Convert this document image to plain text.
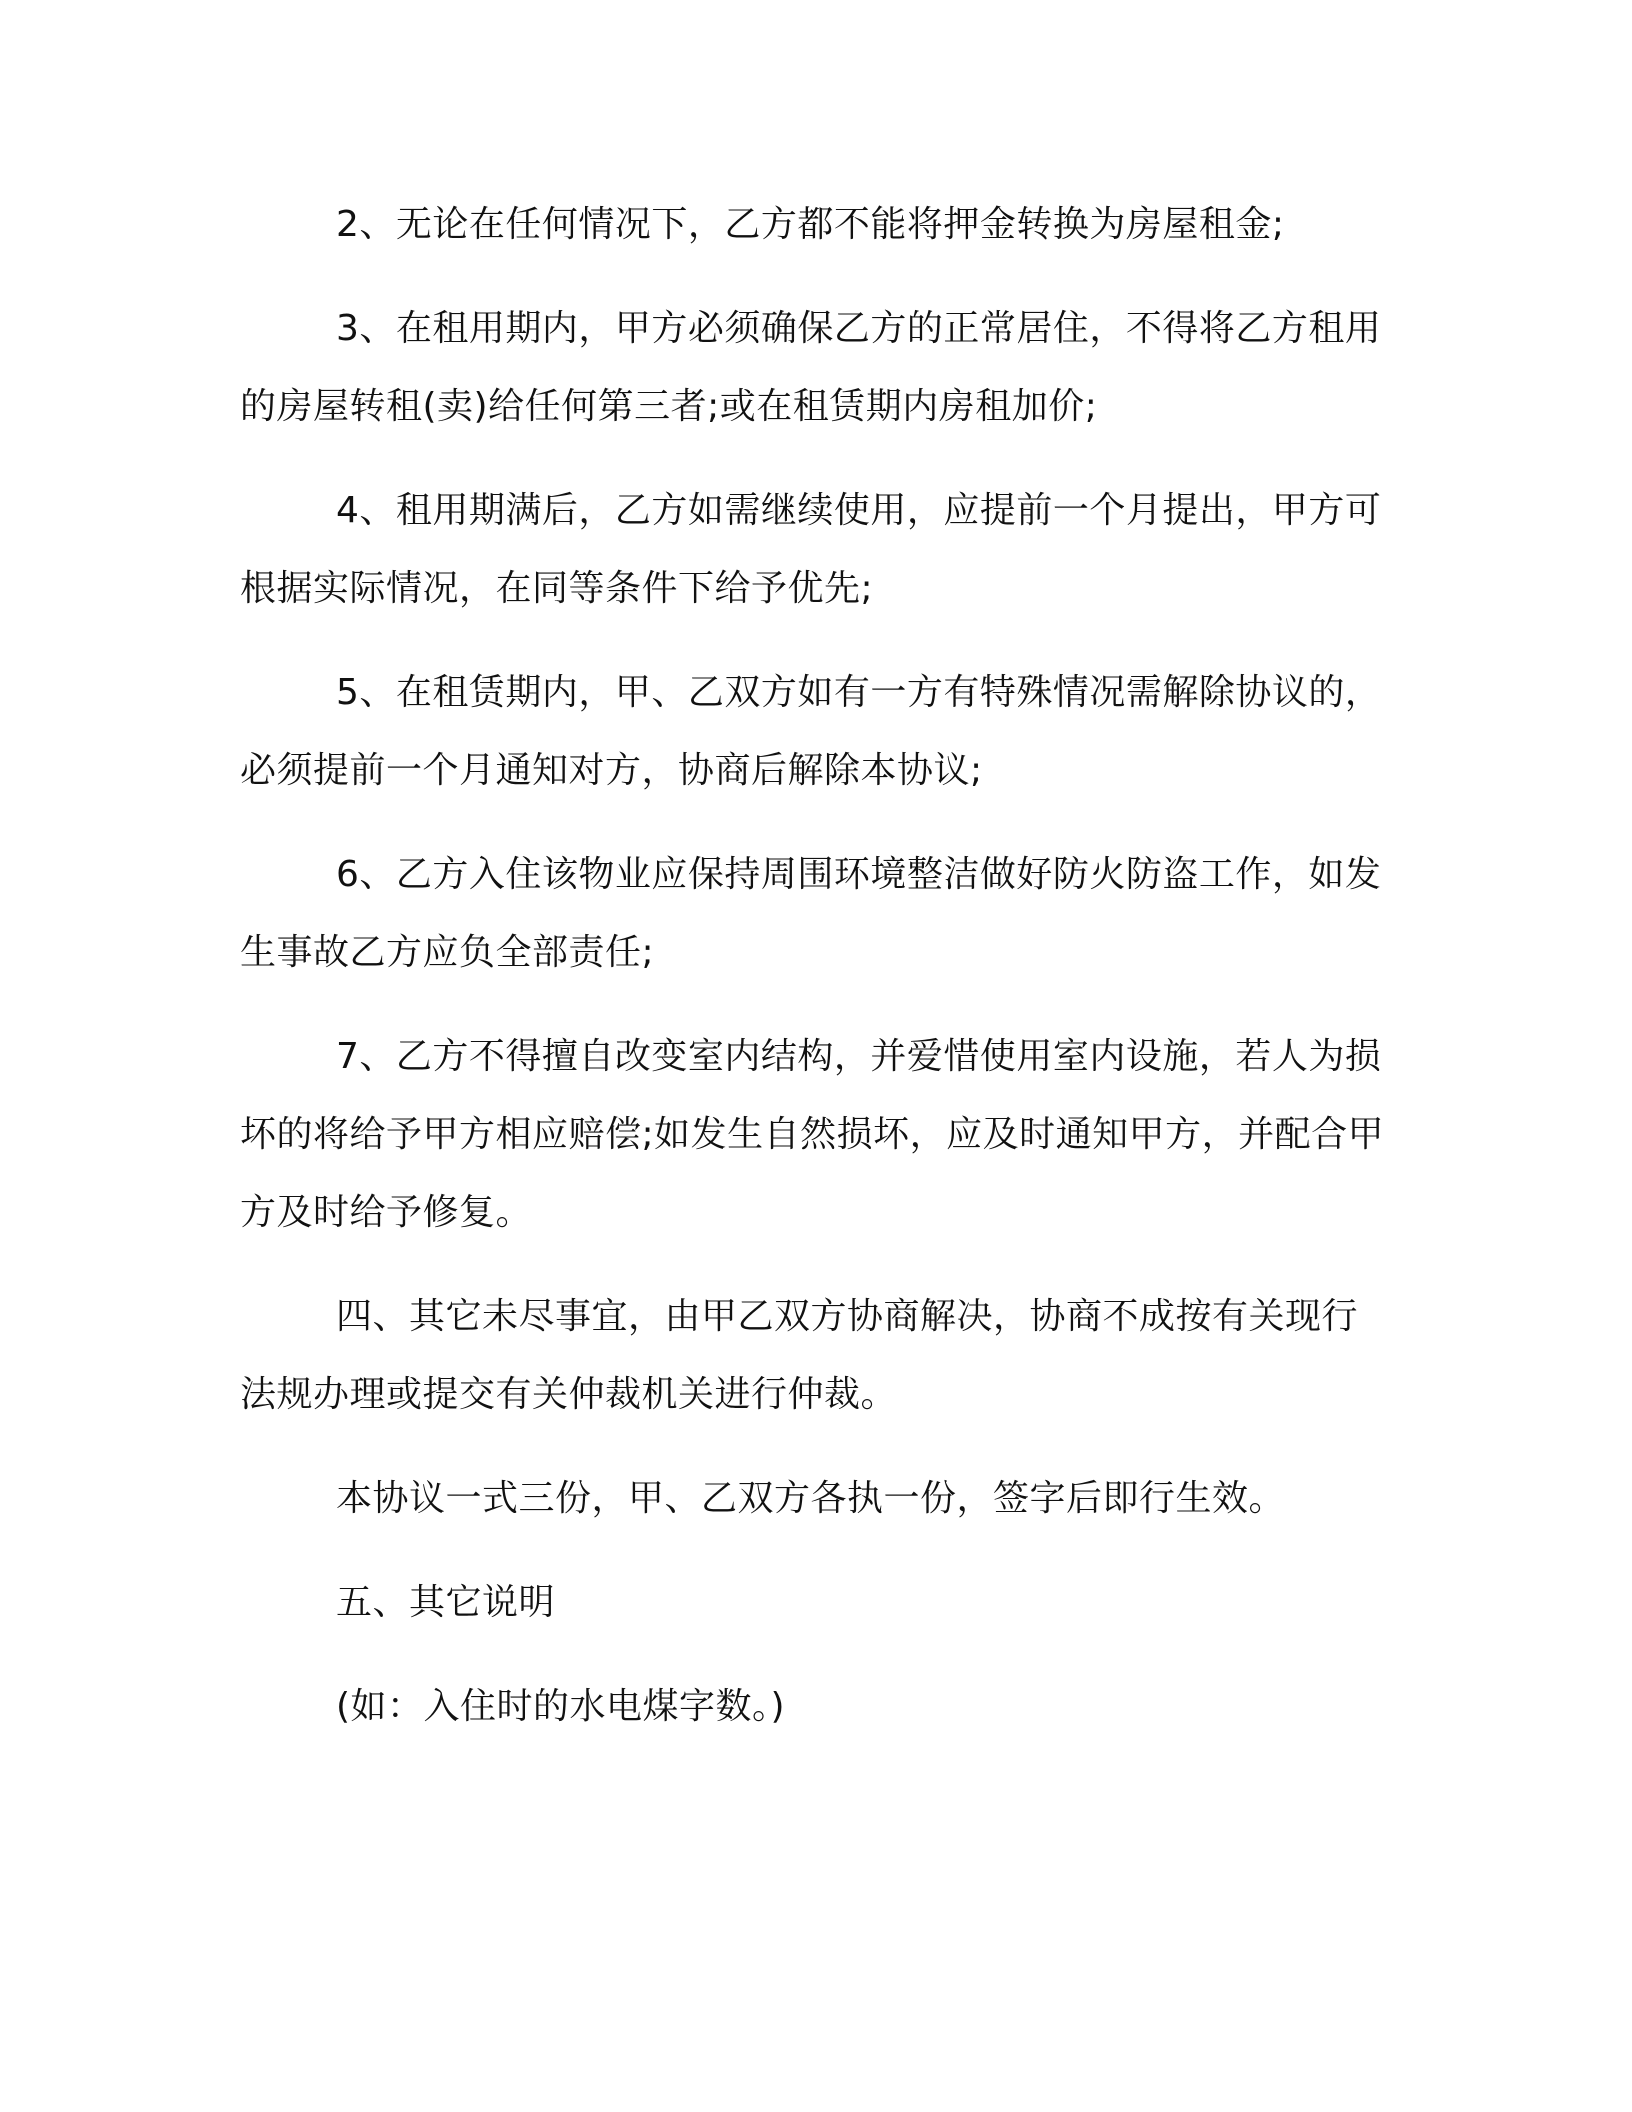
2、无论在任何情况下，乙方都不能将押金转换为房屋租金;

3、在租用期内，甲方必须确保乙方的正常居住，不得将乙方租用的房屋转租(卖)给任何第三者;或在租赁期内房租加价;

4、租用期满后，乙方如需继续使用，应提前一个月提出，甲方可根据实际情况，在同等条件下给予优先;

5、在租赁期内，甲、乙双方如有一方有特殊情况需解除协议的，必须提前一个月通知对方，协商后解除本协议;

6、乙方入住该物业应保持周围环境整洁做好防火防盗工作，如发生事故乙方应负全部责任;

7、乙方不得擅自改变室内结构，并爱惜使用室内设施，若人为损坏的将给予甲方相应赔偿;如发生自然损坏，应及时通知甲方，并配合甲方及时给予修复。

四、其它未尽事宜，由甲乙双方协商解决，协商不成按有关现行法规办理或提交有关仲裁机关进行仲裁。

本协议一式三份，甲、乙双方各执一份，签字后即行生效。

五、其它说明

(如：入住时的水电煤字数。)
